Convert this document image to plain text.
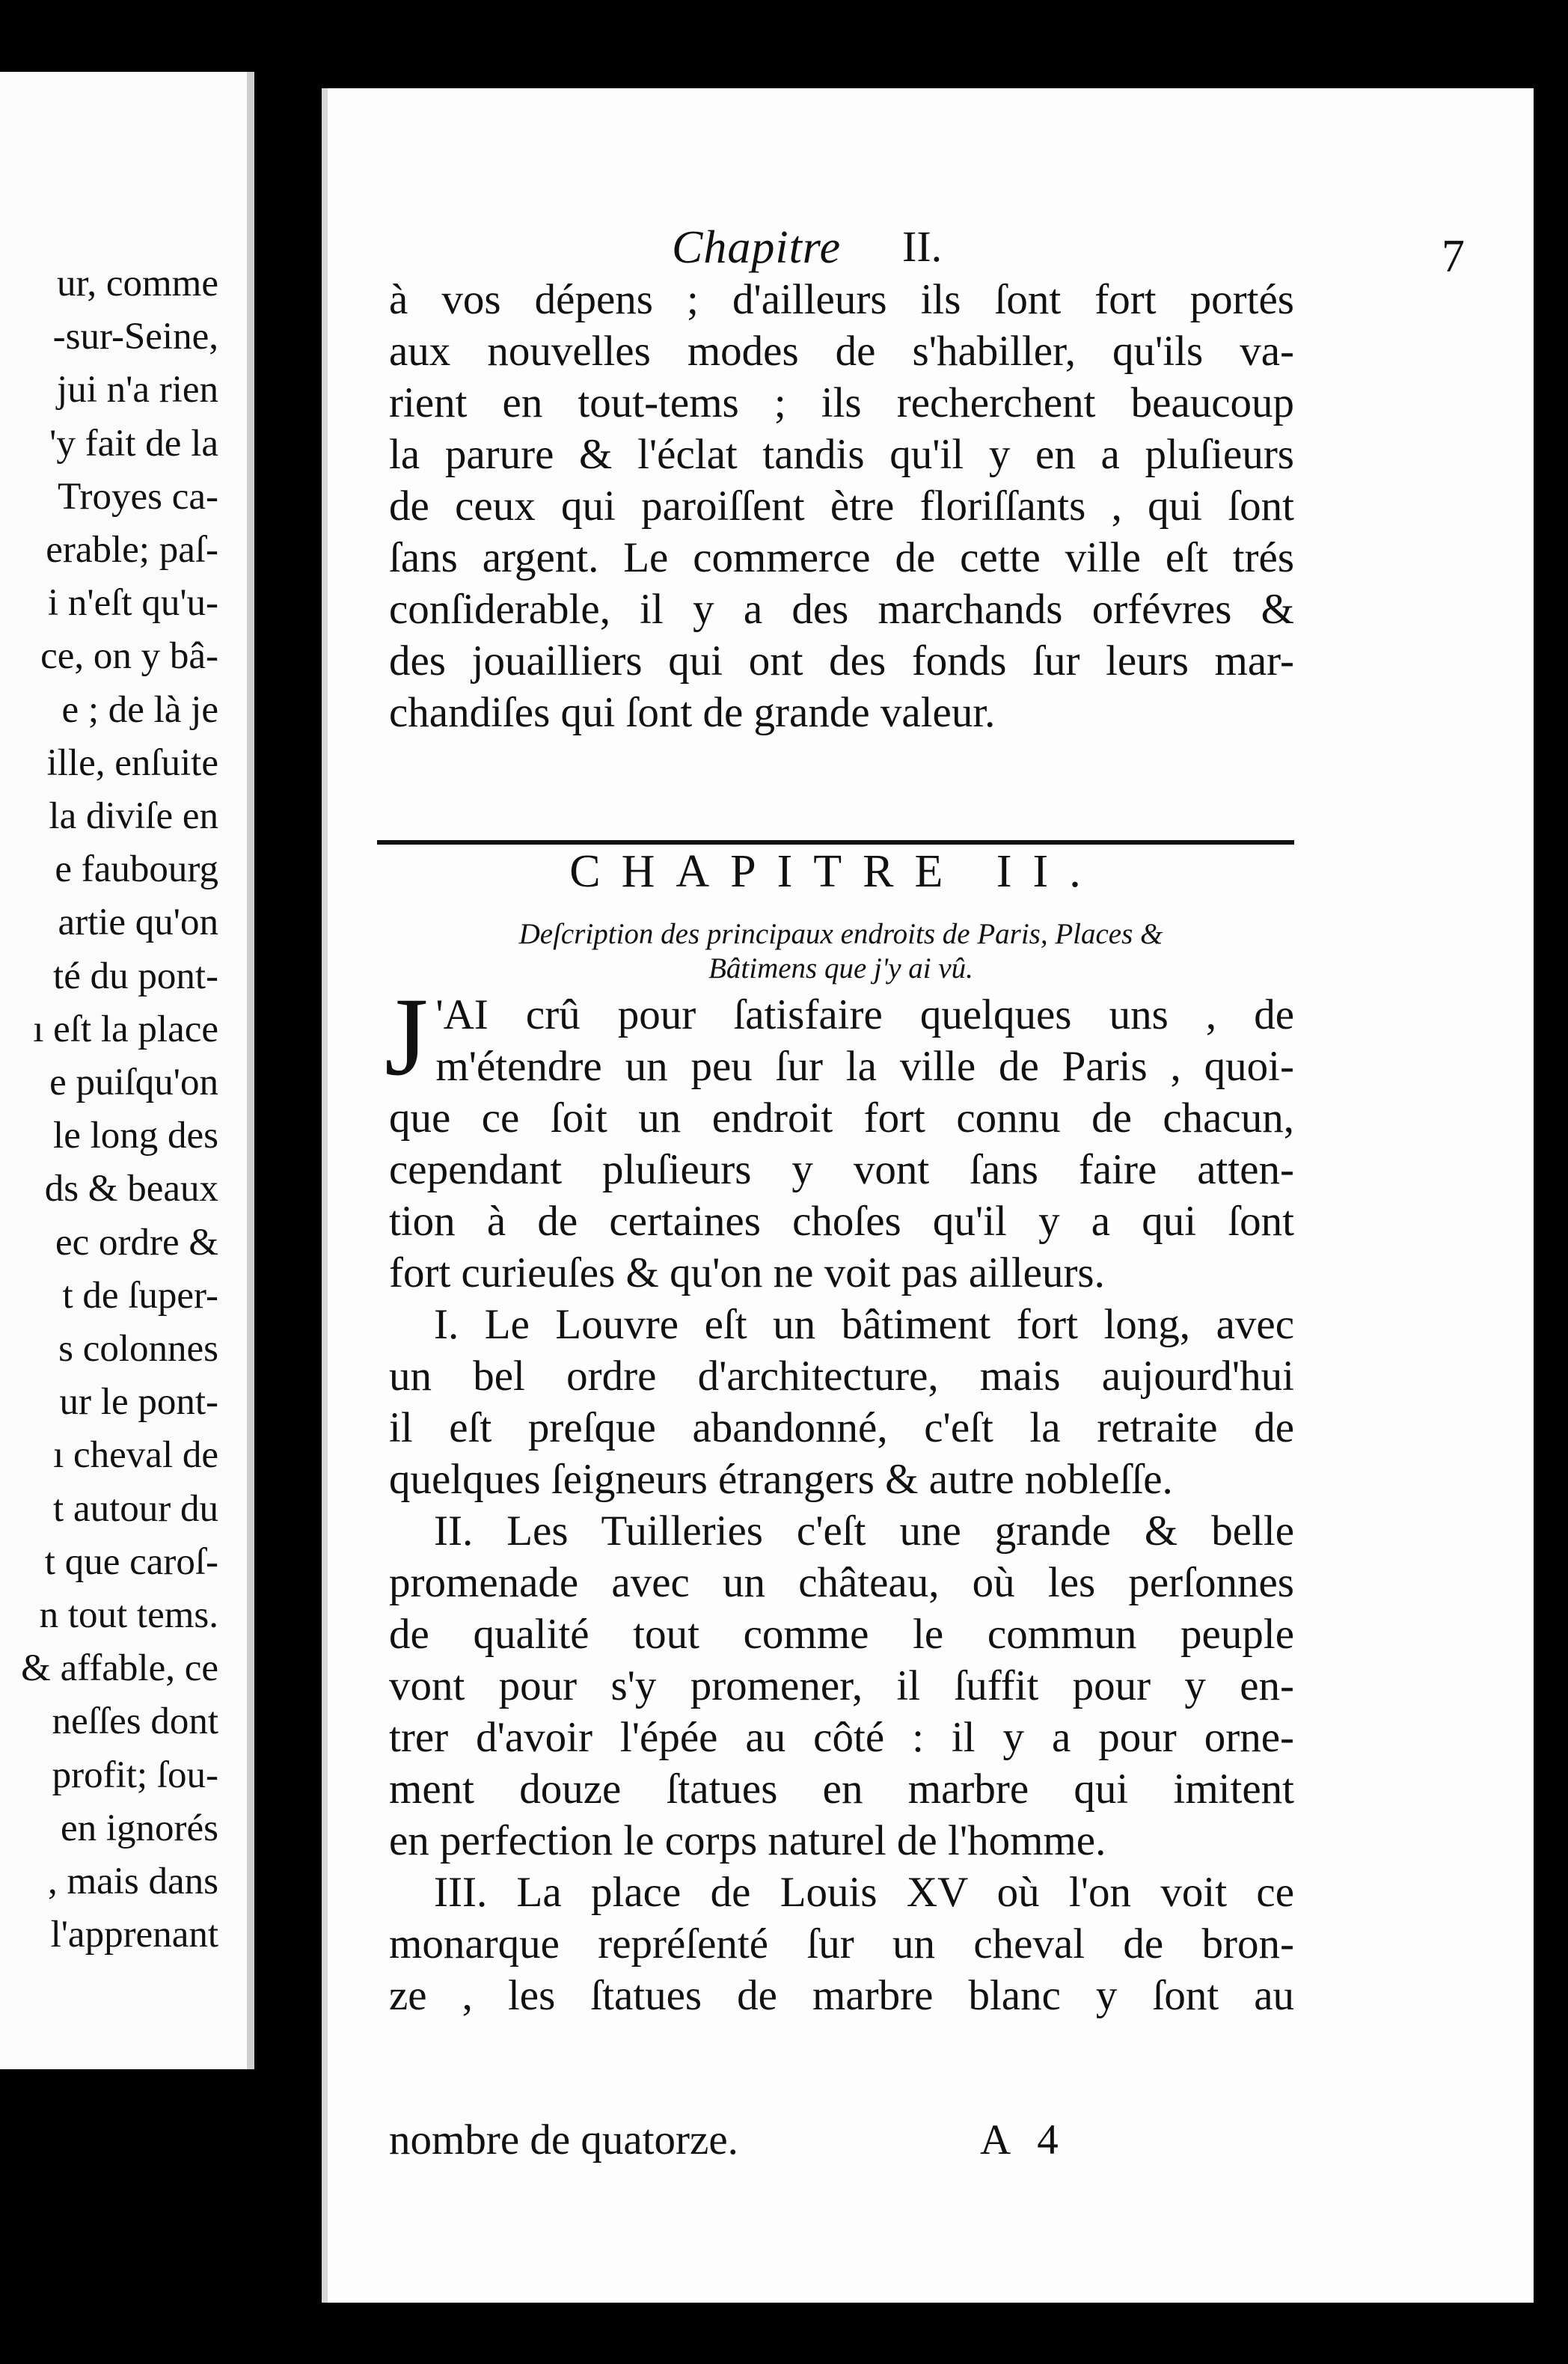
ur, comme
-sur-Seine,
jui n'a rien
'y fait de la
Troyes ca-
erable; paſ-
i n'eſt qu'u-
ce, on y bâ-
e ; de là je
ille, enſuite
la diviſe en
e faubourg
artie qu'on
té du pont-
ı eſt la place
e puiſqu'on
le long des
ds & beaux
ec ordre &
t de ſuper-
s colonnes
ur le pont-
ı cheval de
t autour du
t que caroſ-
n tout tems.
& affable, ce
neſſes dont
profit; ſou-
en ignorés
, mais dans
l'apprenant
Chapitre II.	7
à vos dépens ; d'ailleurs ils ſont fort portés
aux nouvelles modes de s'habiller, qu'ils va-
rient en tout-tems ; ils recherchent beaucoup
la parure & l'éclat tandis qu'il y en a pluſieurs
de ceux qui paroiſſent ètre floriſſants , qui ſont
ſans argent. Le commerce de cette ville eſt trés
conſiderable, il y a des marchands orfévres &
des jouailliers qui ont des fonds ſur leurs mar-
chandiſes qui ſont de grande valeur.
CHAPITRE II.
Deſcription des principaux endroits de Paris, Places &
Bâtimens que j'y ai vû.
J 'AI crû pour ſatisfaire quelques uns , de
m'étendre un peu ſur la ville de Paris , quoi-
que ce ſoit un endroit fort connu de chacun,
cependant pluſieurs y vont ſans faire atten-
tion à de certaines choſes qu'il y a qui ſont
fort curieuſes & qu'on ne voit pas ailleurs.
I. Le Louvre eſt un bâtiment fort long, avec
un bel ordre d'architecture, mais aujourd'hui
il eſt preſque abandonné, c'eſt la retraite de
quelques ſeigneurs étrangers & autre nobleſſe.
II. Les Tuilleries c'eſt une grande & belle
promenade avec un château, où les perſonnes
de qualité tout comme le commun peuple
vont pour s'y promener, il ſuffit pour y en-
trer d'avoir l'épée au côté : il y a pour orne-
ment douze ſtatues en marbre qui imitent
en perfection le corps naturel de l'homme.
III. La place de Louis XV où l'on voit ce
monarque repréſenté ſur un cheval de bron-
ze , les ſtatues de marbre blanc y ſont au
nombre de quatorze.	A 4
